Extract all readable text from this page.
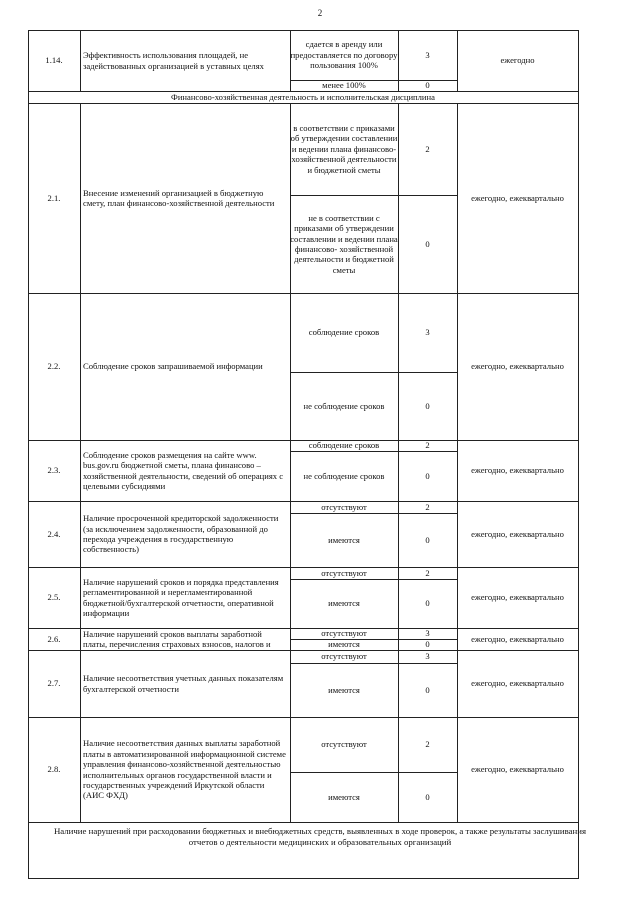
2
Финансово-хозяйственная деятельность и исполнительская дисциплина
1.14.
Эффективность использования площадей, не задействованных организацией в уставных целях
сдается в аренду или предоставляется по договору пользования 100%
менее 100%
3
0
ежегодно
2.1.
Внесение изменений организацией в бюджетную смету, план финансово-хозяйственной деятельности
в соответствии с приказами об утверждении составлении и ведении плана финансово- хозяйственной деятельности и бюджетной сметы
не в соответствии с приказами об утверждении составлении и ведении плана финансово- хозяйственной деятельности и бюджетной сметы
2
0
ежегодно, ежеквартально
2.2.	Соблюдение сроков запрашиваемой информации
соблюдение сроков
не соблюдение сроков
3
0
ежегодно, ежеквартально
2.3.
Соблюдение сроков размещения на сайте www. bus.gov.ru бюджетной сметы, плана финансово – хозяйственной деятельности, сведений об операциях с целевыми субсидиями
соблюдение сроков
не соблюдение сроков
2
0
ежегодно, ежеквартально
2.4.
Наличие просроченной кредиторской задолженности (за исключением задолженности, образованной до перехода учреждения в государственную собственность)
отсутствуют
имеются
2
0
ежегодно, ежеквартально
2.5.
Наличие нарушений сроков и порядка представления регламентированной и нерегламентированной бюджетной/бухгалтерской отчетности, оперативной информации
отсутствуют
имеются
2
0
ежегодно, ежеквартально
2.6.
Наличие нарушений сроков выплаты заработной платы, перечисления страховых взносов, налогов и
отсутствуют
имеются
3
0
ежегодно, ежеквартально
2.7.
Наличие несоответствия учетных данных показателям бухгалтерской отчетности
отсутствуют
имеются
3
0
ежегодно, ежеквартально
2.8.
Наличие несоответствия данных выплаты заработной платы в автоматизированной информационной системе управления финансово-хозяйственной деятельностью исполнительных органов государственной власти и государственных учреждений Иркутской области (АИС ФХД)
отсутствуют
имеются
2
0
ежегодно, ежеквартально
Наличие нарушений при расходовании бюджетных и внебюджетных средств, выявленных в ходе проверок, а также результаты заслушивания отчетов о деятельности медицинских и образовательных организаций
